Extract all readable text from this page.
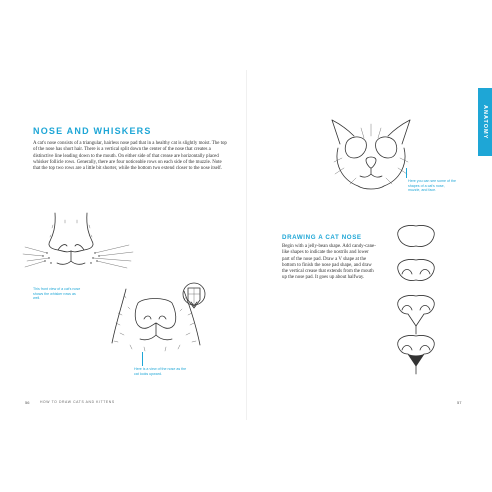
ANATOMY
NOSE AND WHISKERS
A cat's nose consists of a triangular, hairless nose pad that in a healthy cat is slightly moist. The top of the nose has short hair. There is a vertical split down the center of the nose that creates a distinctive line leading down to the mouth. On either side of that crease are horizontally placed whisker follicle rows. Generally, there are four noticeable rows on each side of the muzzle. Note that the top two rows are a little bit shorter, while the bottom two extend closer to the nose itself.
This front view of a cat's nose shows the whisker rows as well.
Here is a view of the nose as the cat looks upward.
Here you can see some of the shapes of a cat's nose, muzzle, and face.
DRAWING A CAT NOSE
Begin with a jelly-bean shape. Add candy-cane-like shapes to indicate the nostrils and lower part of the nose pad. Draw a V shape at the bottom to finish the nose pad shape, and draw the vertical crease that extends from the mouth up the nose pad. It goes up about halfway.
56	HOW TO DRAW CATS AND KITTENS	57
